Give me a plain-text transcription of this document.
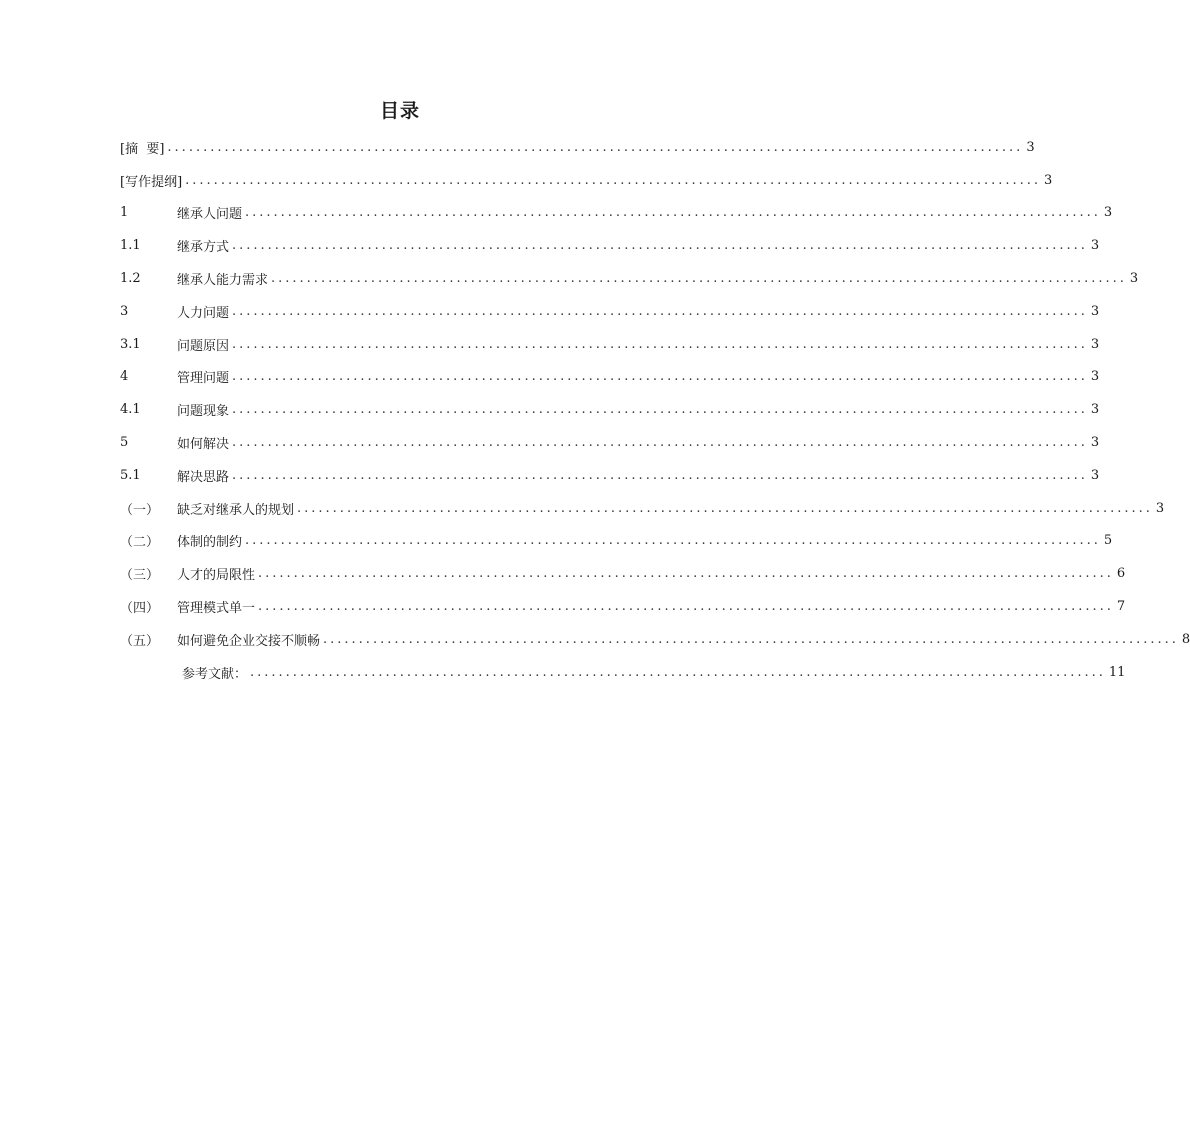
目录
[摘  要] ........................................................................................................................ 3
[写作提纲] ........................................................................................................................ 3
1	继承人问题 ........................................................................................................................ 3
1.1	继承方式 ........................................................................................................................ 3
1.2	继承人能力需求 ........................................................................................................................ 3
3	人力问题 ........................................................................................................................ 3
3.1	问题原因 ........................................................................................................................ 3
4	管理问题 ........................................................................................................................ 3
4.1	问题现象 ........................................................................................................................ 3
5	如何解决 ........................................................................................................................ 3
5.1	解决思路 ........................................................................................................................ 3
（一）	缺乏对继承人的规划 ........................................................................................................................ 3
（二）	体制的制约 ........................................................................................................................ 5
（三）	人才的局限性 ........................................................................................................................ 6
（四）	管理模式单一 ........................................................................................................................ 7
（五）	如何避免企业交接不顺畅 ........................................................................................................................ 8
参考文献： ........................................................................................................................ 11
